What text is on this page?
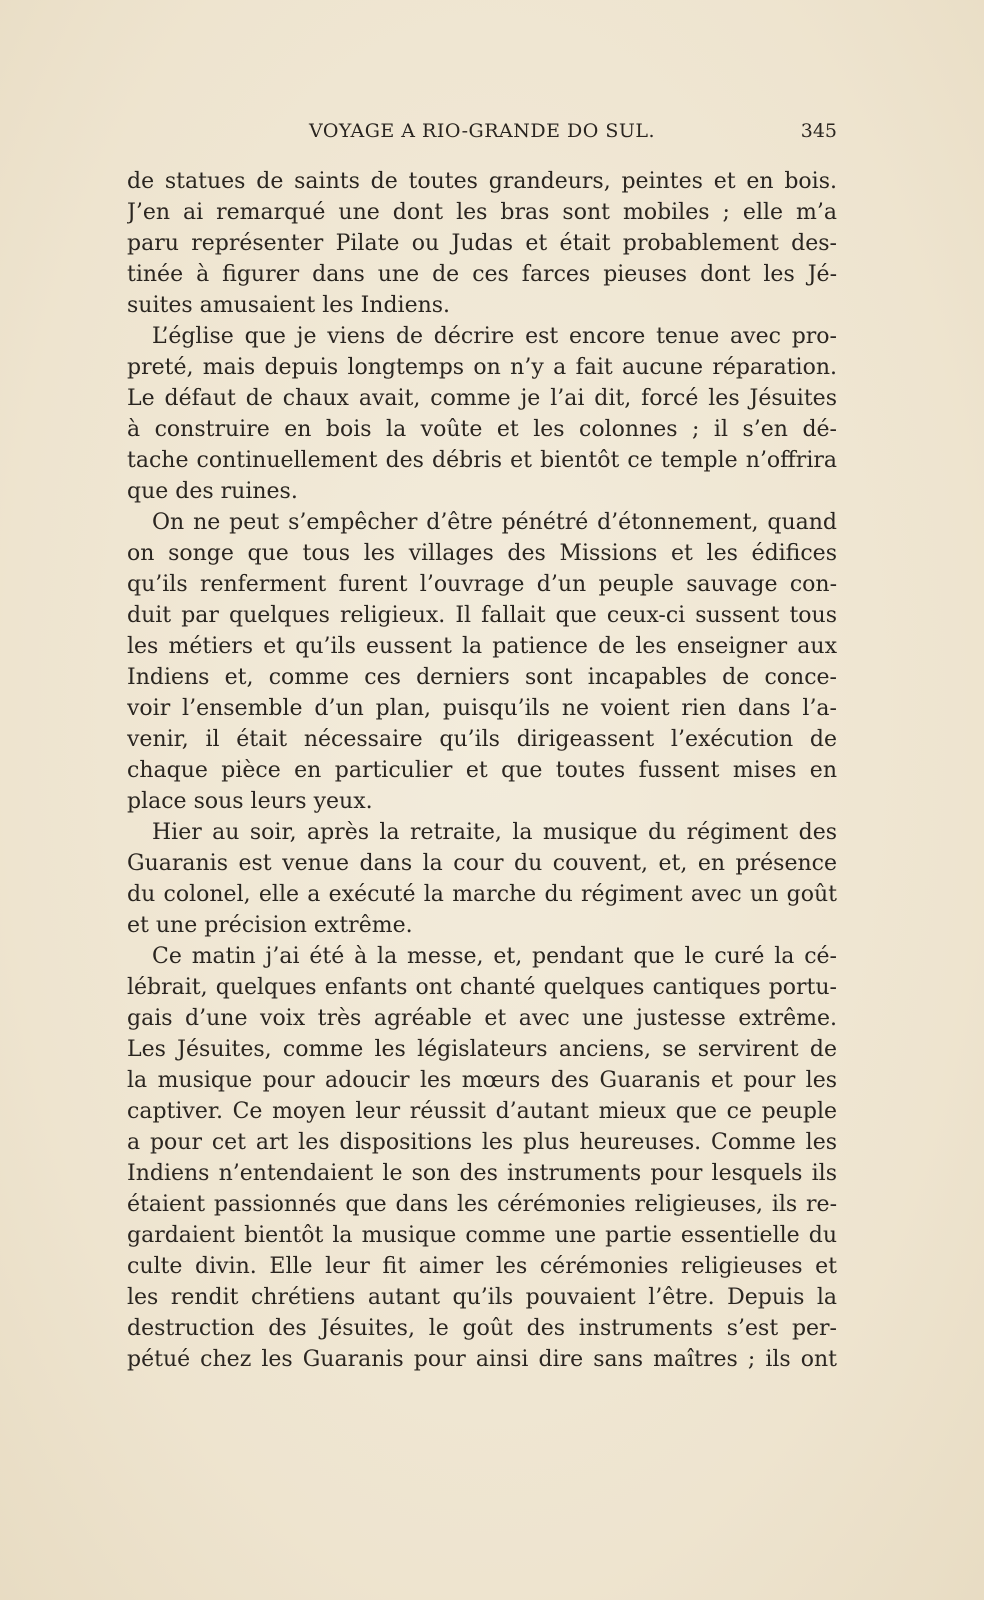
VOYAGE A RIO-GRANDE DO SUL.	345
de statues de saints de toutes grandeurs, peintes et en bois.
J’en ai remarqué une dont les bras sont mobiles ; elle m’a
paru représenter Pilate ou Judas et était probablement des-
tinée à figurer dans une de ces farces pieuses dont les Jé-
suites amusaient les Indiens.
L’église que je viens de décrire est encore tenue avec pro-
preté, mais depuis longtemps on n’y a fait aucune réparation.
Le défaut de chaux avait, comme je l’ai dit, forcé les Jésuites
à construire en bois la voûte et les colonnes ; il s’en dé-
tache continuellement des débris et bientôt ce temple n’offrira
que des ruines.
On ne peut s’empêcher d’être pénétré d’étonnement, quand
on songe que tous les villages des Missions et les édifices
qu’ils renferment furent l’ouvrage d’un peuple sauvage con-
duit par quelques religieux. Il fallait que ceux-ci sussent tous
les métiers et qu’ils eussent la patience de les enseigner aux
Indiens et, comme ces derniers sont incapables de conce-
voir l’ensemble d’un plan, puisqu’ils ne voient rien dans l’a-
venir, il était nécessaire qu’ils dirigeassent l’exécution de
chaque pièce en particulier et que toutes fussent mises en
place sous leurs yeux.
Hier au soir, après la retraite, la musique du régiment des
Guaranis est venue dans la cour du couvent, et, en présence
du colonel, elle a exécuté la marche du régiment avec un goût
et une précision extrême.
Ce matin j’ai été à la messe, et, pendant que le curé la cé-
lébrait, quelques enfants ont chanté quelques cantiques portu-
gais d’une voix très agréable et avec une justesse extrême.
Les Jésuites, comme les législateurs anciens, se servirent de
la musique pour adoucir les mœurs des Guaranis et pour les
captiver. Ce moyen leur réussit d’autant mieux que ce peuple
a pour cet art les dispositions les plus heureuses. Comme les
Indiens n’entendaient le son des instruments pour lesquels ils
étaient passionnés que dans les cérémonies religieuses, ils re-
gardaient bientôt la musique comme une partie essentielle du
culte divin. Elle leur fit aimer les cérémonies religieuses et
les rendit chrétiens autant qu’ils pouvaient l’être. Depuis la
destruction des Jésuites, le goût des instruments s’est per-
pétué chez les Guaranis pour ainsi dire sans maîtres ; ils ont
